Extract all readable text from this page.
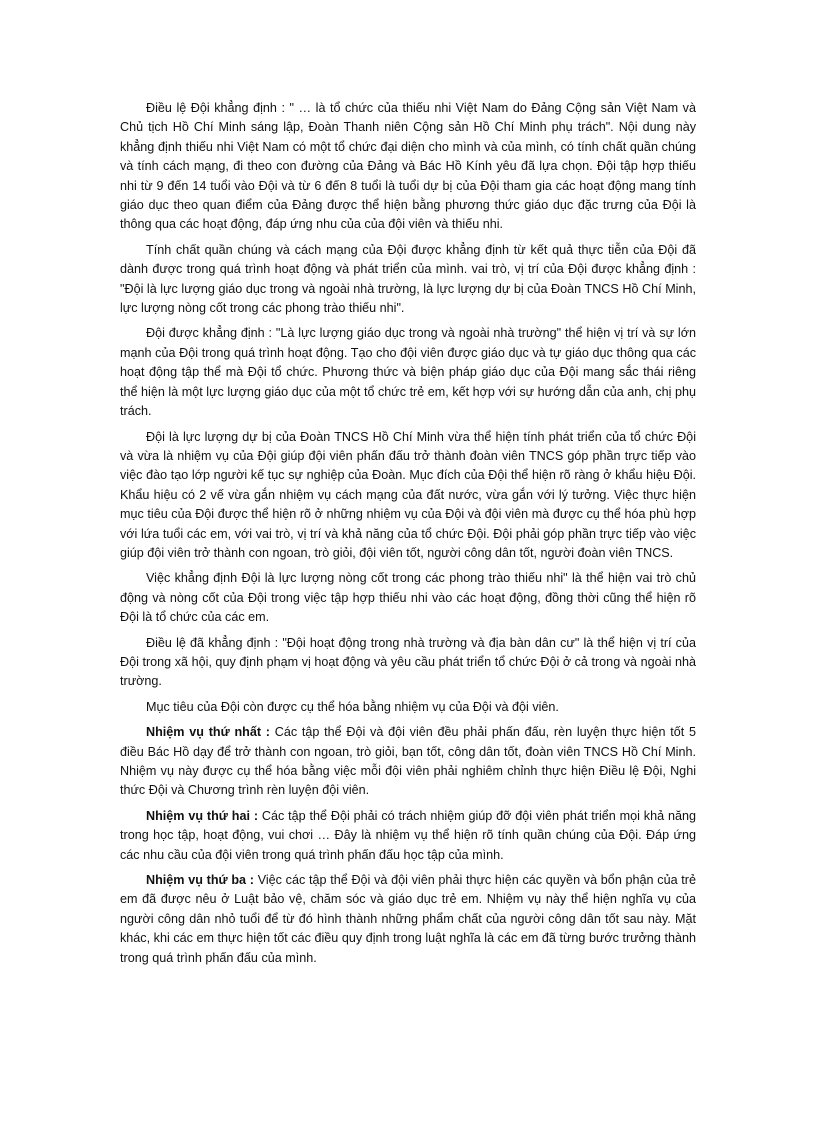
Điều lệ Đội khẳng định : " … là tổ chức của thiếu nhi Việt Nam do Đảng Cộng sản Việt Nam và Chủ tịch Hồ Chí Minh sáng lập, Đoàn Thanh niên Cộng sản Hồ Chí Minh phụ trách". Nội dung này khẳng định thiếu nhi Việt Nam có một tổ chức đại diện cho mình và của mình, có tính chất quần chúng và tính cách mạng, đi theo con đường của Đảng và Bác Hồ Kính yêu đã lựa chọn. Đội tập hợp thiếu nhi từ 9 đến 14 tuổi vào Đội và từ 6 đến 8 tuổi là tuổi dự bị của Đội tham gia các hoạt động mang tính giáo dục theo quan điểm của Đảng được thể hiện bằng phương thức giáo dục đặc trưng của Đội là thông qua các hoạt động, đáp ứng nhu của của đội viên và thiếu nhi.

Tính chất quần chúng và cách mạng của Đội được khẳng định từ kết quả thực tiễn của Đội đã dành được trong quá trình hoạt động và phát triển của mình. vai trò, vị trí của Đội được khẳng định : "Đội là lực lượng giáo dục trong và ngoài nhà trường, là lực lượng dự bị của Đoàn TNCS Hồ Chí Minh, lực lượng nòng cốt trong các phong trào thiếu nhi".

Đội được khẳng định : "Là lực lượng giáo dục trong và ngoài nhà trường" thể hiện vị trí và sự lớn mạnh của Đội trong quá trình hoạt động. Tạo cho đội viên được giáo dục và tự giáo dục thông qua các hoạt động tập thể mà Đội tổ chức. Phương thức và biện pháp giáo dục của Đội mang sắc thái riêng thể hiện là một lực lượng giáo dục của một tổ chức trẻ em, kết hợp với sự hướng dẫn của anh, chị phụ trách.

Đội là lực lượng dự bị của Đoàn TNCS Hồ Chí Minh vừa thể hiện tính phát triển của tổ chức Đội và vừa là nhiệm vụ của Đội giúp đội viên phấn đấu trở thành đoàn viên TNCS góp phần trực tiếp vào việc đào tạo lớp người kế tục sự nghiệp của Đoàn. Mục đích của Đội thể hiện rõ ràng ở khẩu hiệu Đội. Khẩu hiệu có 2 vế vừa gắn nhiệm vụ cách mạng của đất nước, vừa gắn với lý tưởng. Việc thực hiện mục tiêu của Đội được thể hiện rõ ở những nhiệm vụ của Đội và đội viên mà được cụ thể hóa phù hợp với lứa tuổi các em, với vai trò, vị trí và khả năng của tổ chức Đội. Đội phải góp phần trực tiếp vào việc giúp đội viên trở thành con ngoan, trò giỏi, đội viên tốt, người công dân tốt, người đoàn viên TNCS.

Việc khẳng định Đội là lực lượng nòng cốt trong các phong trào thiếu nhi" là thể hiện vai trò chủ động và nòng cốt của Đội trong việc tập hợp thiếu nhi vào các hoạt động, đồng thời cũng thể hiện rõ Đội là tổ chức của các em.

Điều lệ đã khẳng định : "Đội hoạt động trong nhà trường và địa bàn dân cư" là thể hiện vị trí của Đội trong xã hội, quy định phạm vị hoạt động và yêu cầu phát triển tổ chức Đội ở cả trong và ngoài nhà trường.

Mục tiêu của Đội còn được cụ thể hóa bằng nhiệm vụ của Đội và đội viên.

Nhiệm vụ thứ nhất : Các tập thể Đội và đội viên đều phải phấn đấu, rèn luyện thực hiện tốt 5 điều Bác Hồ dạy để trở thành con ngoan, trò giỏi, bạn tốt, công dân tốt, đoàn viên TNCS Hồ Chí Minh. Nhiệm vụ này được cụ thể hóa bằng việc mỗi đội viên phải nghiêm chỉnh thực hiện Điều lệ Đội, Nghi thức Đội và Chương trình rèn luyện đội viên.

Nhiệm vụ thứ hai : Các tập thể Đội phải có trách nhiệm giúp đỡ đội viên phát triển mọi khả năng trong học tập, hoạt động, vui chơi … Đây là nhiệm vụ thể hiện rõ tính quần chúng của Đội. Đáp ứng các nhu cầu của đội viên trong quá trình phấn đấu học tập của mình.

Nhiệm vụ thứ ba : Việc các tập thể Đội và đội viên phải thực hiện các quyền và bổn phận của trẻ em đã được nêu ở Luật bảo vệ, chăm sóc và giáo dục trẻ em. Nhiệm vụ này thể hiện nghĩa vụ của người công dân nhỏ tuổi để từ đó hình thành những phẩm chất của người công dân tốt sau này. Mặt khác, khi các em thực hiện tốt các điều quy định trong luật nghĩa là các em đã từng bước trưởng thành trong quá trình phấn đấu của mình.
